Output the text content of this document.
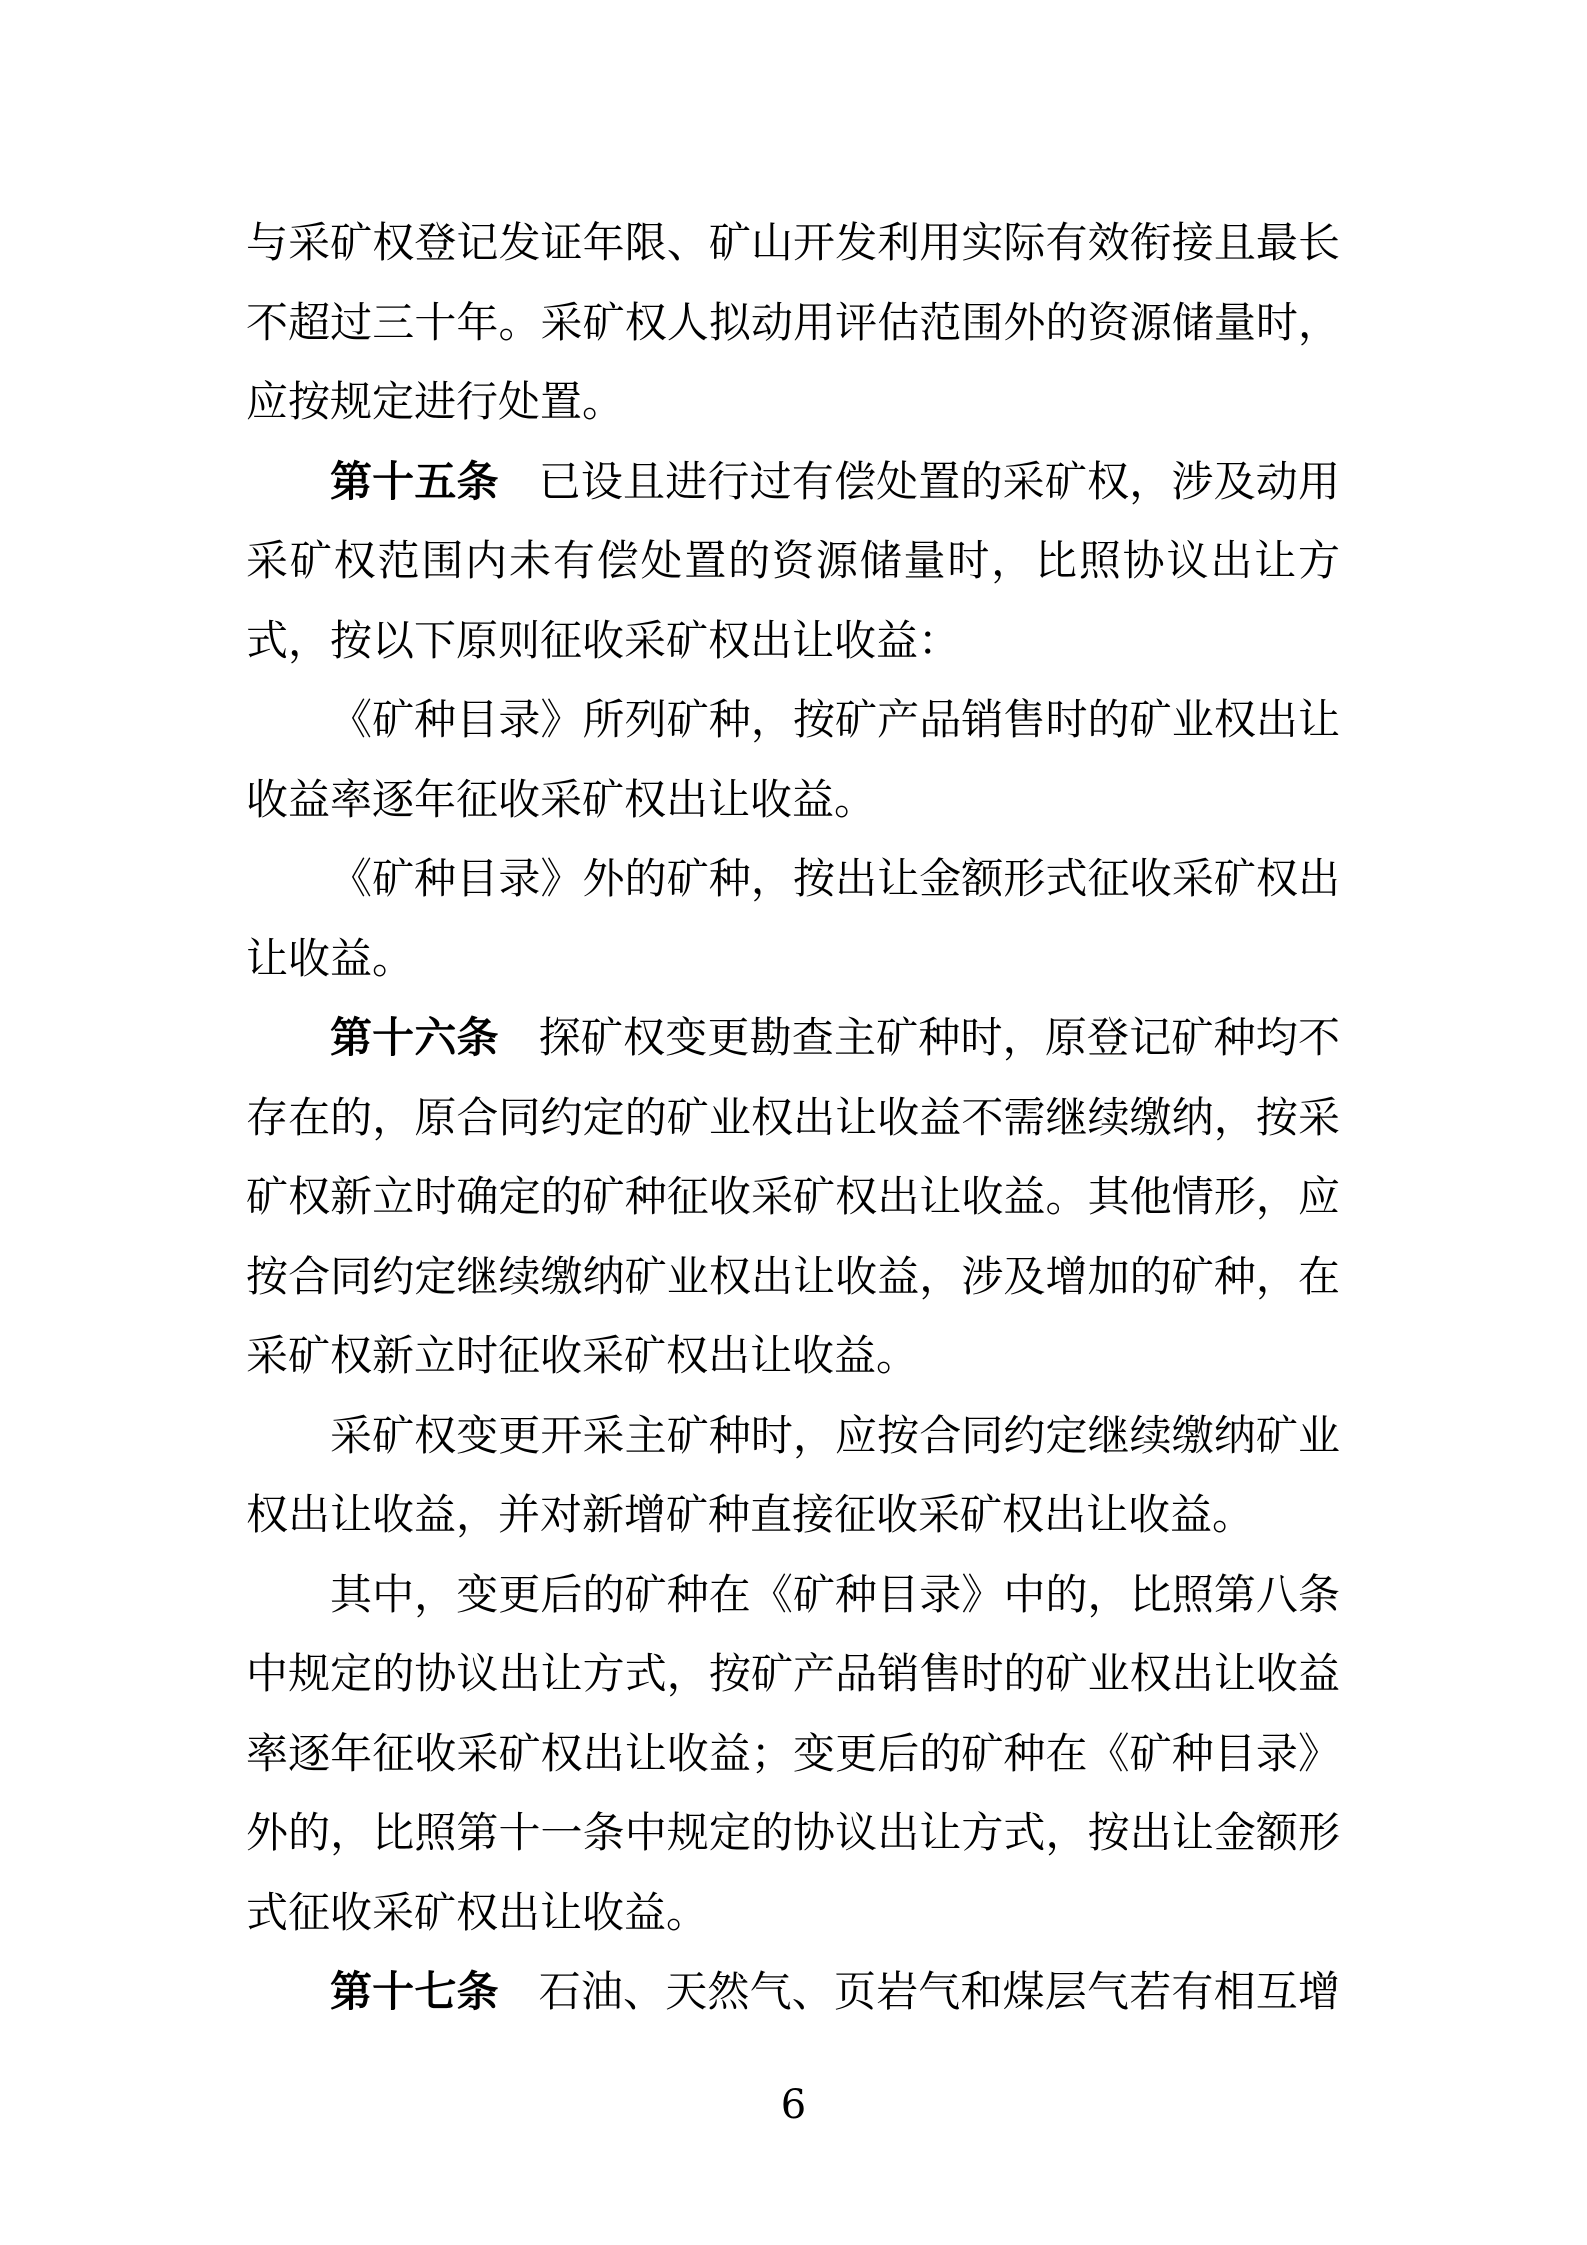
与采矿权登记发证年限、矿山开发利用实际有效衔接且最长
不超过三十年。采矿权人拟动用评估范围外的资源储量时，
应按规定进行处置。
第十五条 已设且进行过有偿处置的采矿权，涉及动用
采矿权范围内未有偿处置的资源储量时，比照协议出让方
式，按以下原则征收采矿权出让收益：
《矿种目录》所列矿种，按矿产品销售时的矿业权出让
收益率逐年征收采矿权出让收益。
《矿种目录》外的矿种，按出让金额形式征收采矿权出
让收益。
第十六条 探矿权变更勘查主矿种时，原登记矿种均不
存在的，原合同约定的矿业权出让收益不需继续缴纳，按采
矿权新立时确定的矿种征收采矿权出让收益。其他情形，应
按合同约定继续缴纳矿业权出让收益，涉及增加的矿种，在
采矿权新立时征收采矿权出让收益。
采矿权变更开采主矿种时，应按合同约定继续缴纳矿业
权出让收益，并对新增矿种直接征收采矿权出让收益。
其中，变更后的矿种在《矿种目录》中的，比照第八条
中规定的协议出让方式，按矿产品销售时的矿业权出让收益
率逐年征收采矿权出让收益；变更后的矿种在《矿种目录》
外的，比照第十一条中规定的协议出让方式，按出让金额形
式征收采矿权出让收益。
第十七条 石油、天然气、页岩气和煤层气若有相互增
6
